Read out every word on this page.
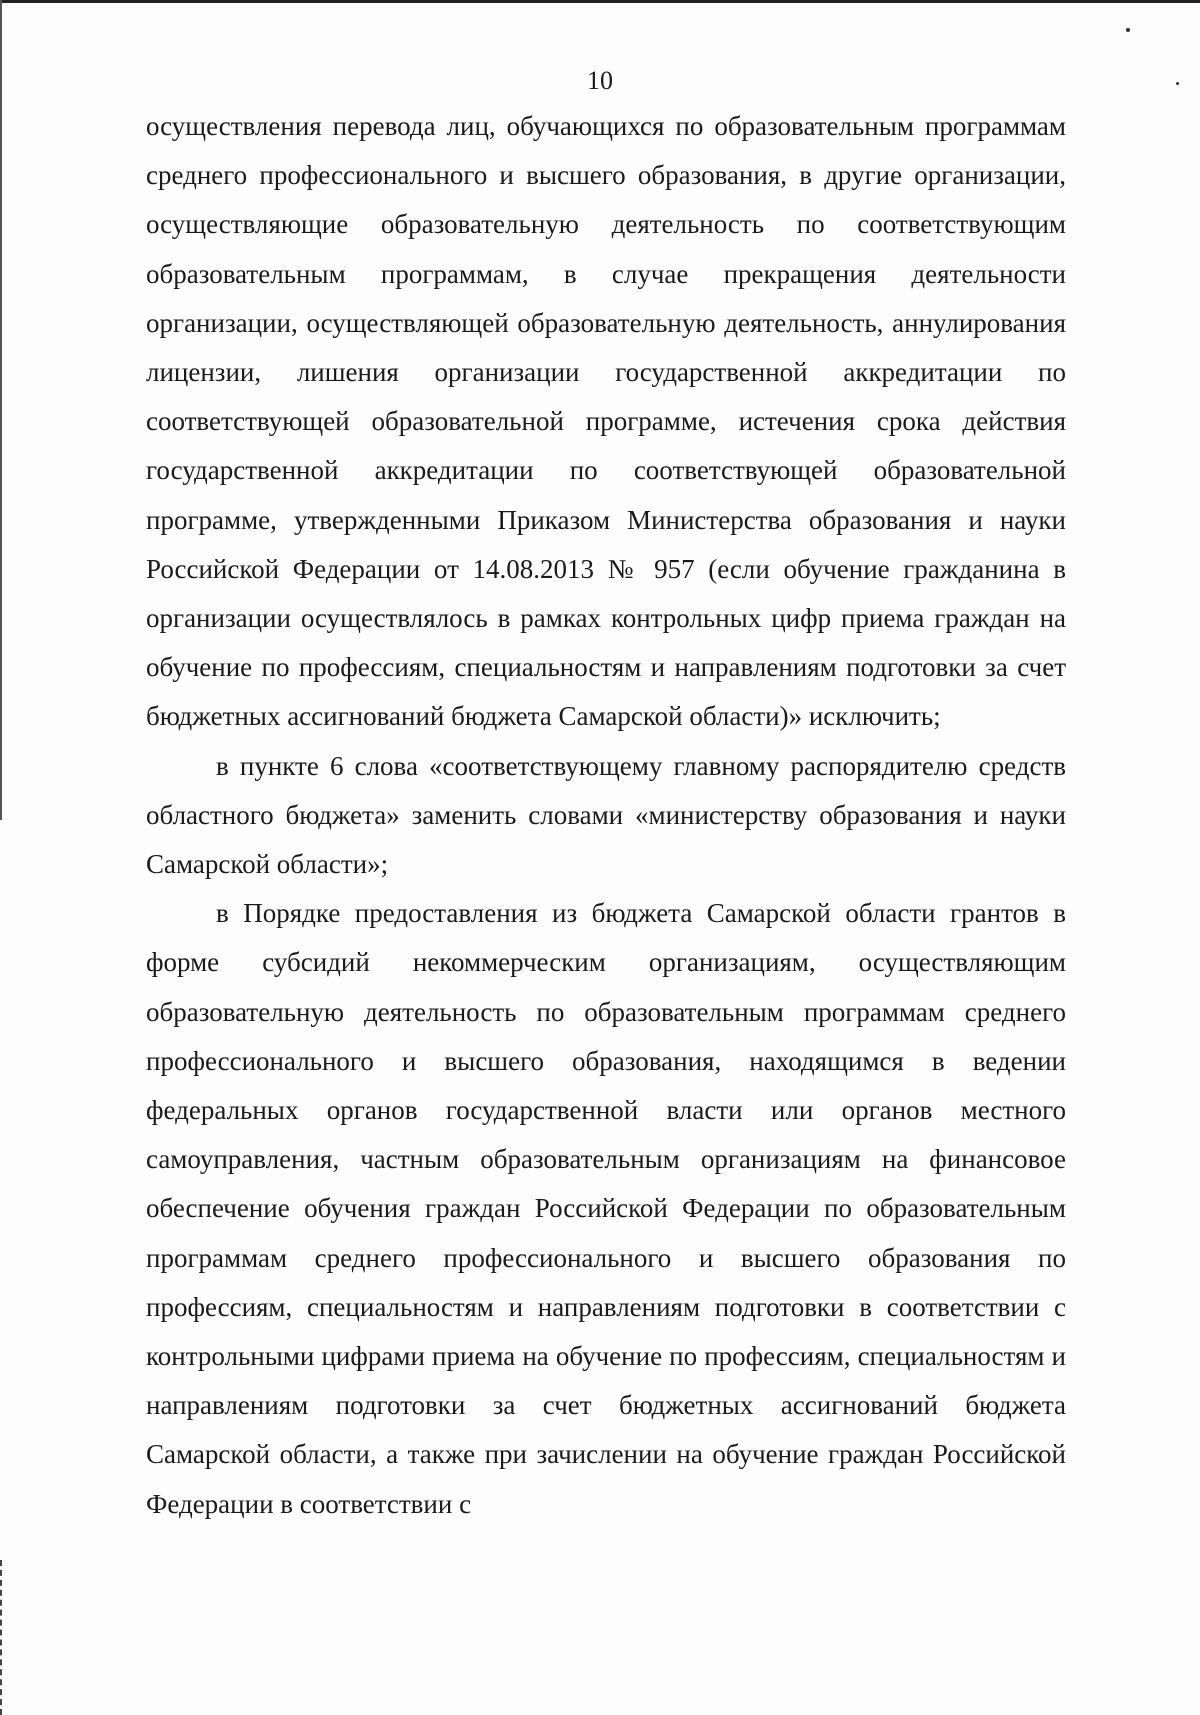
10

осуществления перевода лиц, обучающихся по образовательным программам среднего профессионального и высшего образования, в другие организации, осуществляющие образовательную деятельность по соответствующим образовательным программам, в случае прекращения деятельности организации, осуществляющей образовательную деятельность, аннулирования лицензии, лишения организации государственной аккредитации по соответствующей образовательной программе, истечения срока действия государственной аккредитации по соответствующей образовательной программе, утвержденными Приказом Министерства образования и науки Российской Федерации от 14.08.2013 № 957 (если обучение гражданина в организации осуществлялось в рамках контрольных цифр приема граждан на обучение по профессиям, специальностям и направлениям подготовки за счет бюджетных ассигнований бюджета Самарской области)» исключить;

в пункте 6 слова «соответствующему главному распорядителю средств областного бюджета» заменить словами «министерству образования и науки Самарской области»;

в Порядке предоставления из бюджета Самарской области грантов в форме субсидий некоммерческим организациям, осуществляющим образовательную деятельность по образовательным программам среднего профессионального и высшего образования, находящимся в ведении федеральных органов государственной власти или органов местного самоуправления, частным образовательным организациям на финансовое обеспечение обучения граждан Российской Федерации по образовательным программам среднего профессионального и высшего образования по профессиям, специальностям и направлениям подготовки в соответствии с контрольными цифрами приема на обучение по профессиям, специальностям и направлениям подготовки за счет бюджетных ассигнований бюджета Самарской области, а также при зачислении на обучение граждан Российской Федерации в соответствии с
